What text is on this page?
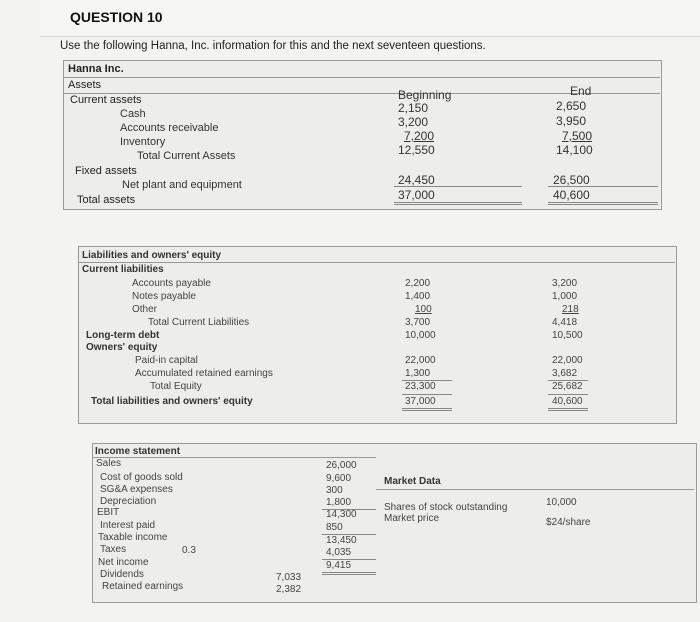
QUESTION 10
Use the following Hanna, Inc. information for this and the next seventeen questions.
Hanna Inc.
Assets
Current assets
Cash
Accounts receivable
Inventory
Total Current Assets
Fixed assets
Net plant and equipment
Total assets
Beginning
2,150
3,200
7,200
12,550
24,450
37,000
End
2,650
3,950
7,500
14,100
26,500
40,600
Liabilities and owners' equity
Current liabilities
Accounts payable
Notes payable
Other
Total Current Liabilities
Long-term debt
Owners' equity
Paid-in capital
Accumulated retained earnings
Total Equity
Total liabilities and owners' equity
2,200
1,400
100
3,700
10,000
22,000
1,300
23,300
37,000
3,200
1,000
218
4,418
10,500
22,000
3,682
25,682
40,600
Income statement
Sales
Cost of goods sold
SG&A expenses
Depreciation
EBIT
Interest paid
Taxable income
Taxes	0.3
Net income
Dividends
Retained earnings
26,000
9,600
300
1,800
14,300
850
13,450
4,035
9,415
7,033
2,382
Market Data
Shares of stock outstanding
Market price
10,000
$24/share
